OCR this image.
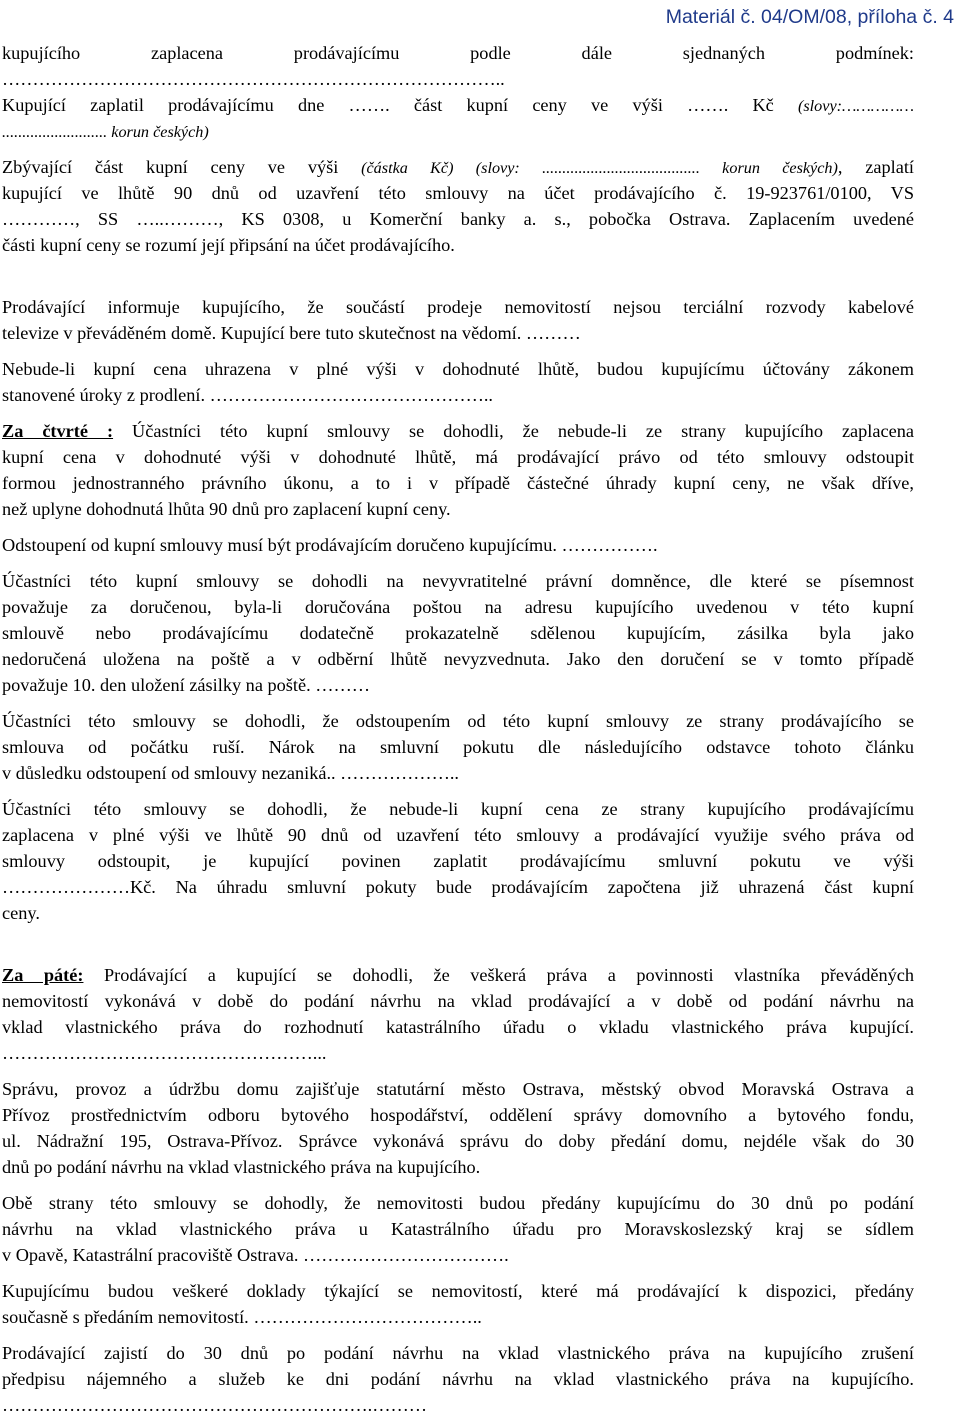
Materiál č. 04/OM/08, příloha č. 4
kupujícího zaplacena prodávajícímu podle dále sjednaných podmínek:
………………………………………………………………………..
Kupující zaplatil prodávajícímu dne ……. část kupní ceny ve výši ……. Kč (slovy:……………
.......................... korun českých)
Zbývající část kupní ceny ve výši (částka Kč) (slovy: ....................................... korun českých), zaplatí
kupující ve lhůtě 90 dnů od uzavření této smlouvy na účet prodávajícího č. 19-923761/0100, VS
…………, SS …..………, KS 0308, u Komerční banky a. s., pobočka Ostrava. Zaplacením uvedené
části kupní ceny se rozumí její připsání na účet prodávajícího.
Prodávající informuje kupujícího, že součástí prodeje nemovitostí nejsou terciální rozvody kabelové
televize v převáděném domě. Kupující bere tuto skutečnost na vědomí. ………
Nebude-li kupní cena uhrazena v plné výši v dohodnuté lhůtě, budou kupujícímu účtovány zákonem
stanovené úroky z prodlení. ………………………………………..
Za čtvrté : Účastníci této kupní smlouvy se dohodli, že nebude-li ze strany kupujícího zaplacena
kupní cena v dohodnuté výši v dohodnuté lhůtě, má prodávající právo od této smlouvy odstoupit
formou jednostranného právního úkonu, a to i v případě částečné úhrady kupní ceny, ne však dříve,
než uplyne dohodnutá lhůta 90 dnů pro zaplacení kupní ceny.
Odstoupení od kupní smlouvy musí být prodávajícím doručeno kupujícímu. …………….
Účastníci této kupní smlouvy se dohodli na nevyvratitelné právní domněnce, dle které se písemnost
považuje za doručenou, byla-li doručována poštou na adresu kupujícího uvedenou v této kupní
smlouvě nebo prodávajícímu dodatečně prokazatelně sdělenou kupujícím, zásilka byla jako
nedoručená uložena na poště a v odběrní lhůtě nevyzvednuta. Jako den doručení se v tomto případě
považuje 10. den uložení zásilky na poště. ………
Účastníci této smlouvy se dohodli, že odstoupením od této kupní smlouvy ze strany prodávajícího se
smlouva od počátku ruší. Nárok na smluvní pokutu dle následujícího odstavce tohoto článku
v důsledku odstoupení od smlouvy nezaniká.. ………………..
Účastníci této smlouvy se dohodli, že nebude-li kupní cena ze strany kupujícího prodávajícímu
zaplacena v plné výši ve lhůtě 90 dnů od uzavření této smlouvy a prodávající využije svého práva od
smlouvy odstoupit, je kupující povinen zaplatit prodávajícímu smluvní pokutu ve výši
…………………Kč. Na úhradu smluvní pokuty bude prodávajícím započtena již uhrazená část kupní
ceny.
Za páté: Prodávající a kupující se dohodli, že veškerá práva a povinnosti vlastníka převáděných
nemovitostí vykonává v době do podání návrhu na vklad prodávající a v době od podání návrhu na
vklad vlastnického práva do rozhodnutí katastrálního úřadu o vkladu vlastnického práva kupující.
……………………………………………...
Správu, provoz a údržbu domu zajišťuje statutární město Ostrava, městský obvod Moravská Ostrava a
Přívoz prostřednictvím odboru bytového hospodářství, oddělení správy domovního a bytového fondu,
ul. Nádražní 195, Ostrava-Přívoz. Správce vykonává správu do doby předání domu, nejdéle však do 30
dnů po podání návrhu na vklad vlastnického práva na kupujícího.
Obě strany této smlouvy se dohodly, že nemovitosti budou předány kupujícímu do 30 dnů po podání
návrhu na vklad vlastnického práva u Katastrálního úřadu pro Moravskoslezský kraj se sídlem
v Opavě, Katastrální pracoviště Ostrava. …………………………….
Kupujícímu budou veškeré doklady týkající se nemovitostí, které má prodávající k dispozici, předány
současně s předáním nemovitostí. ………………………………..
Prodávající zajistí do 30 dnů po podání návrhu na vklad vlastnického práva na kupujícího zrušení
předpisu nájemného a služeb ke dni podání návrhu na vklad vlastnického práva na kupujícího.
…………………………………………………….………
